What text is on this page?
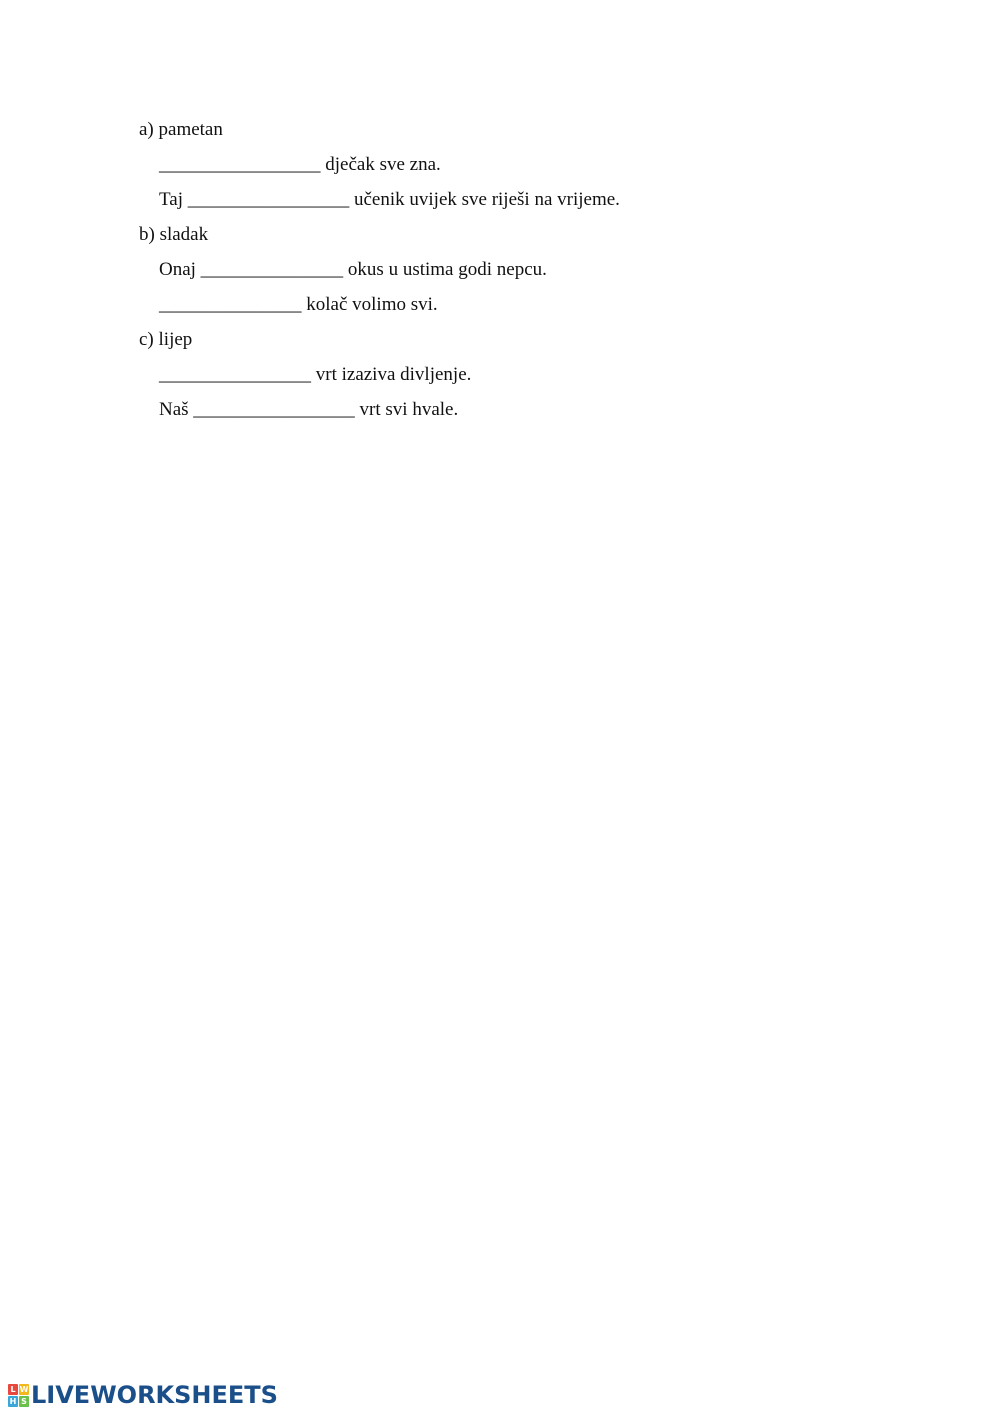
a) pametan
_________________ dječak sve zna.
Taj _________________ učenik uvijek sve riješi na vrijeme.
b) sladak
Onaj _______________ okus u ustima godi nepcu.
_______________ kolač volimo svi.
c) lijep
________________ vrt izaziva divljenje.
Naš _________________ vrt svi hvale.
L W
H S LIVEWORKSHEETS
